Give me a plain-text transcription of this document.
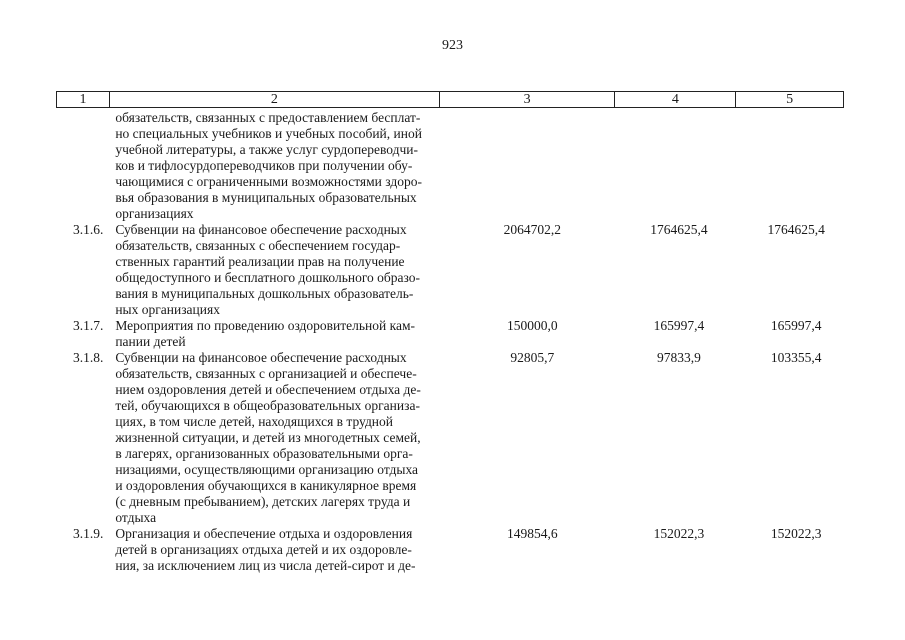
923
1	2	3	4	5
обязательств, связанных с предоставлением бесплат-
но специальных учебников и учебных пособий, иной
учебной литературы, а также услуг сурдопереводчи-
ков и тифлосурдопереводчиков при получении обу-
чающимися с ограниченными возможностями здоро-
вья образования в муниципальных образовательных
организациях
3.1.6. Субвенции на финансовое обеспечение расходных
обязательств, связанных с обеспечением государ-
ственных гарантий реализации прав на получение
общедоступного и бесплатного дошкольного образо-
вания в муниципальных дошкольных образователь-
ных организациях
2064702,2	1764625,4	1764625,4
3.1.7. Мероприятия по проведению оздоровительной кам-
пании детей
150000,0	165997,4	165997,4
3.1.8. Субвенции на финансовое обеспечение расходных
обязательств, связанных с организацией и обеспече-
нием оздоровления детей и обеспечением отдыха де-
тей, обучающихся в общеобразовательных организа-
циях, в том числе детей, находящихся в трудной
жизненной ситуации, и детей из многодетных семей,
в лагерях, организованных образовательными орга-
низациями, осуществляющими организацию отдыха
и оздоровления обучающихся в каникулярное время
(с дневным пребыванием), детских лагерях труда и
отдыха
92805,7	97833,9	103355,4
3.1.9. Организация и обеспечение отдыха и оздоровления
детей в организациях отдыха детей и их оздоровле-
ния, за исключением лиц из числа детей-сирот и де-
149854,6	152022,3	152022,3
